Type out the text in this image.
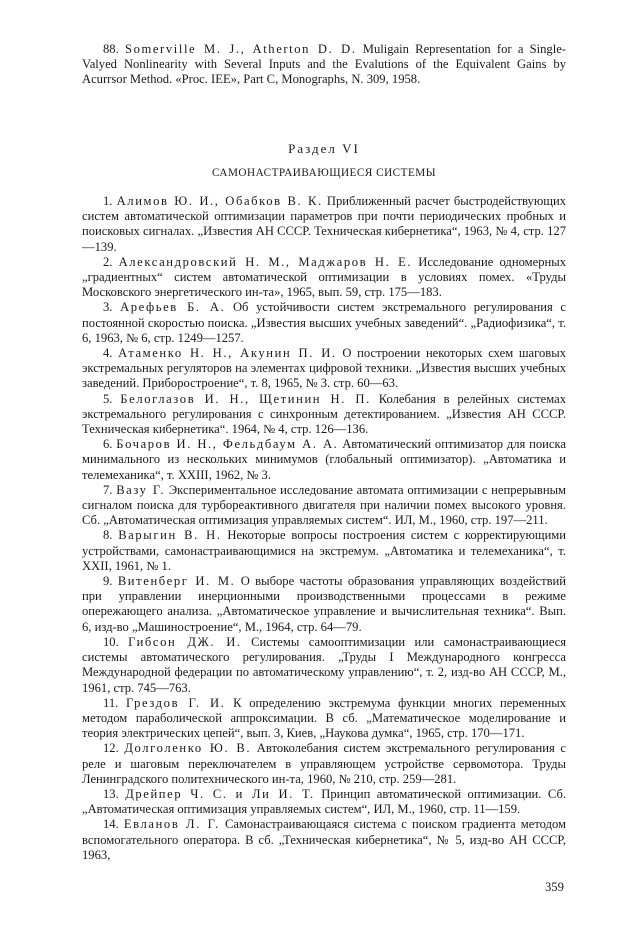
88. Somerville M. J., Atherton D. D. Muligain Representation for a Single-Valyed Nonlinearity with Several Inputs and the Evalutions of the Equivalent Gains by Acurrsor Method. «Proc. IEE», Part C, Monographs, N. 309, 1958.

Раздел VI
САМОНАСТРАИВАЮЩИЕСЯ СИСТЕМЫ

1. Алимов Ю. И., Обабков В. К. Приближенный расчет быстродействующих систем автоматической оптимизации параметров при почти периодических пробных и поисковых сигналах. „Известия АН СССР. Техническая кибернетика“, 1963, № 4, стр. 127—139.

2. Александровский Н. М., Маджаров Н. Е. Исследование одномерных „градиентных“ систем автоматической оптимизации в условиях помех. «Труды Московского энергетического ин-та», 1965, вып. 59, стр. 175—183.

3. Арефьев Б. А. Об устойчивости систем экстремального регулирования с постоянной скоростью поиска. „Известия высших учебных заведений“. „Радиофизика“, т. 6, 1963, № 6, стр. 1249—1257.

4. Атаменко Н. Н., Акунин П. И. О построении некоторых схем шаговых экстремальных регуляторов на элементах цифровой техники. „Известия высших учебных заведений. Приборостроение“, т. 8, 1965, № 3. стр. 60—63.

5. Белоглазов И. Н., Щетинин Н. П. Колебания в релейных системах экстремального регулирования с синхронным детектированием. „Известия АН СССР. Техническая кибернетика“. 1964, № 4, стр. 126—136.

6. Бочаров И. Н., Фельдбаум А. А. Автоматический оптимизатор для поиска минимального из нескольких минимумов (глобальный оптимизатор). „Автоматика и телемеханика“, т. XXIII, 1962, № 3.

7. Вазу Г. Экспериментальное исследование автомата оптимизации с непрерывным сигналом поиска для турбореактивного двигателя при наличии помех высокого уровня. Сб. „Автоматическая оптимизация управляемых систем“. ИЛ, М., 1960, стр. 197—211.

8. Варыгин В. Н. Некоторые вопросы построения систем с корректирующими устройствами, самонастраивающимися на экстремум. „Автоматика и телемеханика“, т. XXII, 1961, № 1.

9. Витенберг И. М. О выборе частоты образования управляющих воздействий при управлении инерционными производственными процессами в режиме опережающего анализа. „Автоматическое управление и вычислительная техника“. Вып. 6, изд-во „Машиностроение“, М., 1964, стр. 64—79.

10. Гибсон ДЖ. И. Системы самооптимизации или самонастраивающиеся системы автоматического регулирования. „Труды I Международного конгресса Международной федерации по автоматическому управлению“, т. 2, изд-во АН СССР, М., 1961, стр. 745—763.

11. Грездов Г. И. К определению экстремума функции многих переменных методом параболической аппроксимации. В сб. „Математическое моделирование и теория электрических цепей“, вып. 3, Киев, „Наукова думка“, 1965, стр. 170—171.

12. Долголенко Ю. В. Автоколебания систем экстремального регулирования с реле и шаговым переключателем в управляющем устройстве сервомотора. Труды Ленинградского политехнического ин-та, 1960, № 210, стр. 259—281.

13. Дрейпер Ч. С. и Ли И. Т. Принцип автоматической оптимизации. Сб. „Автоматическая оптимизация управляемых систем“, ИЛ, М., 1960, стр. 11—159.

14. Евланов Л. Г. Самонастраивающаяся система с поиском градиента методом вспомогательного оператора. В сб. „Техническая кибернетика“, № 5, изд-во АН СССР, 1963,

359
